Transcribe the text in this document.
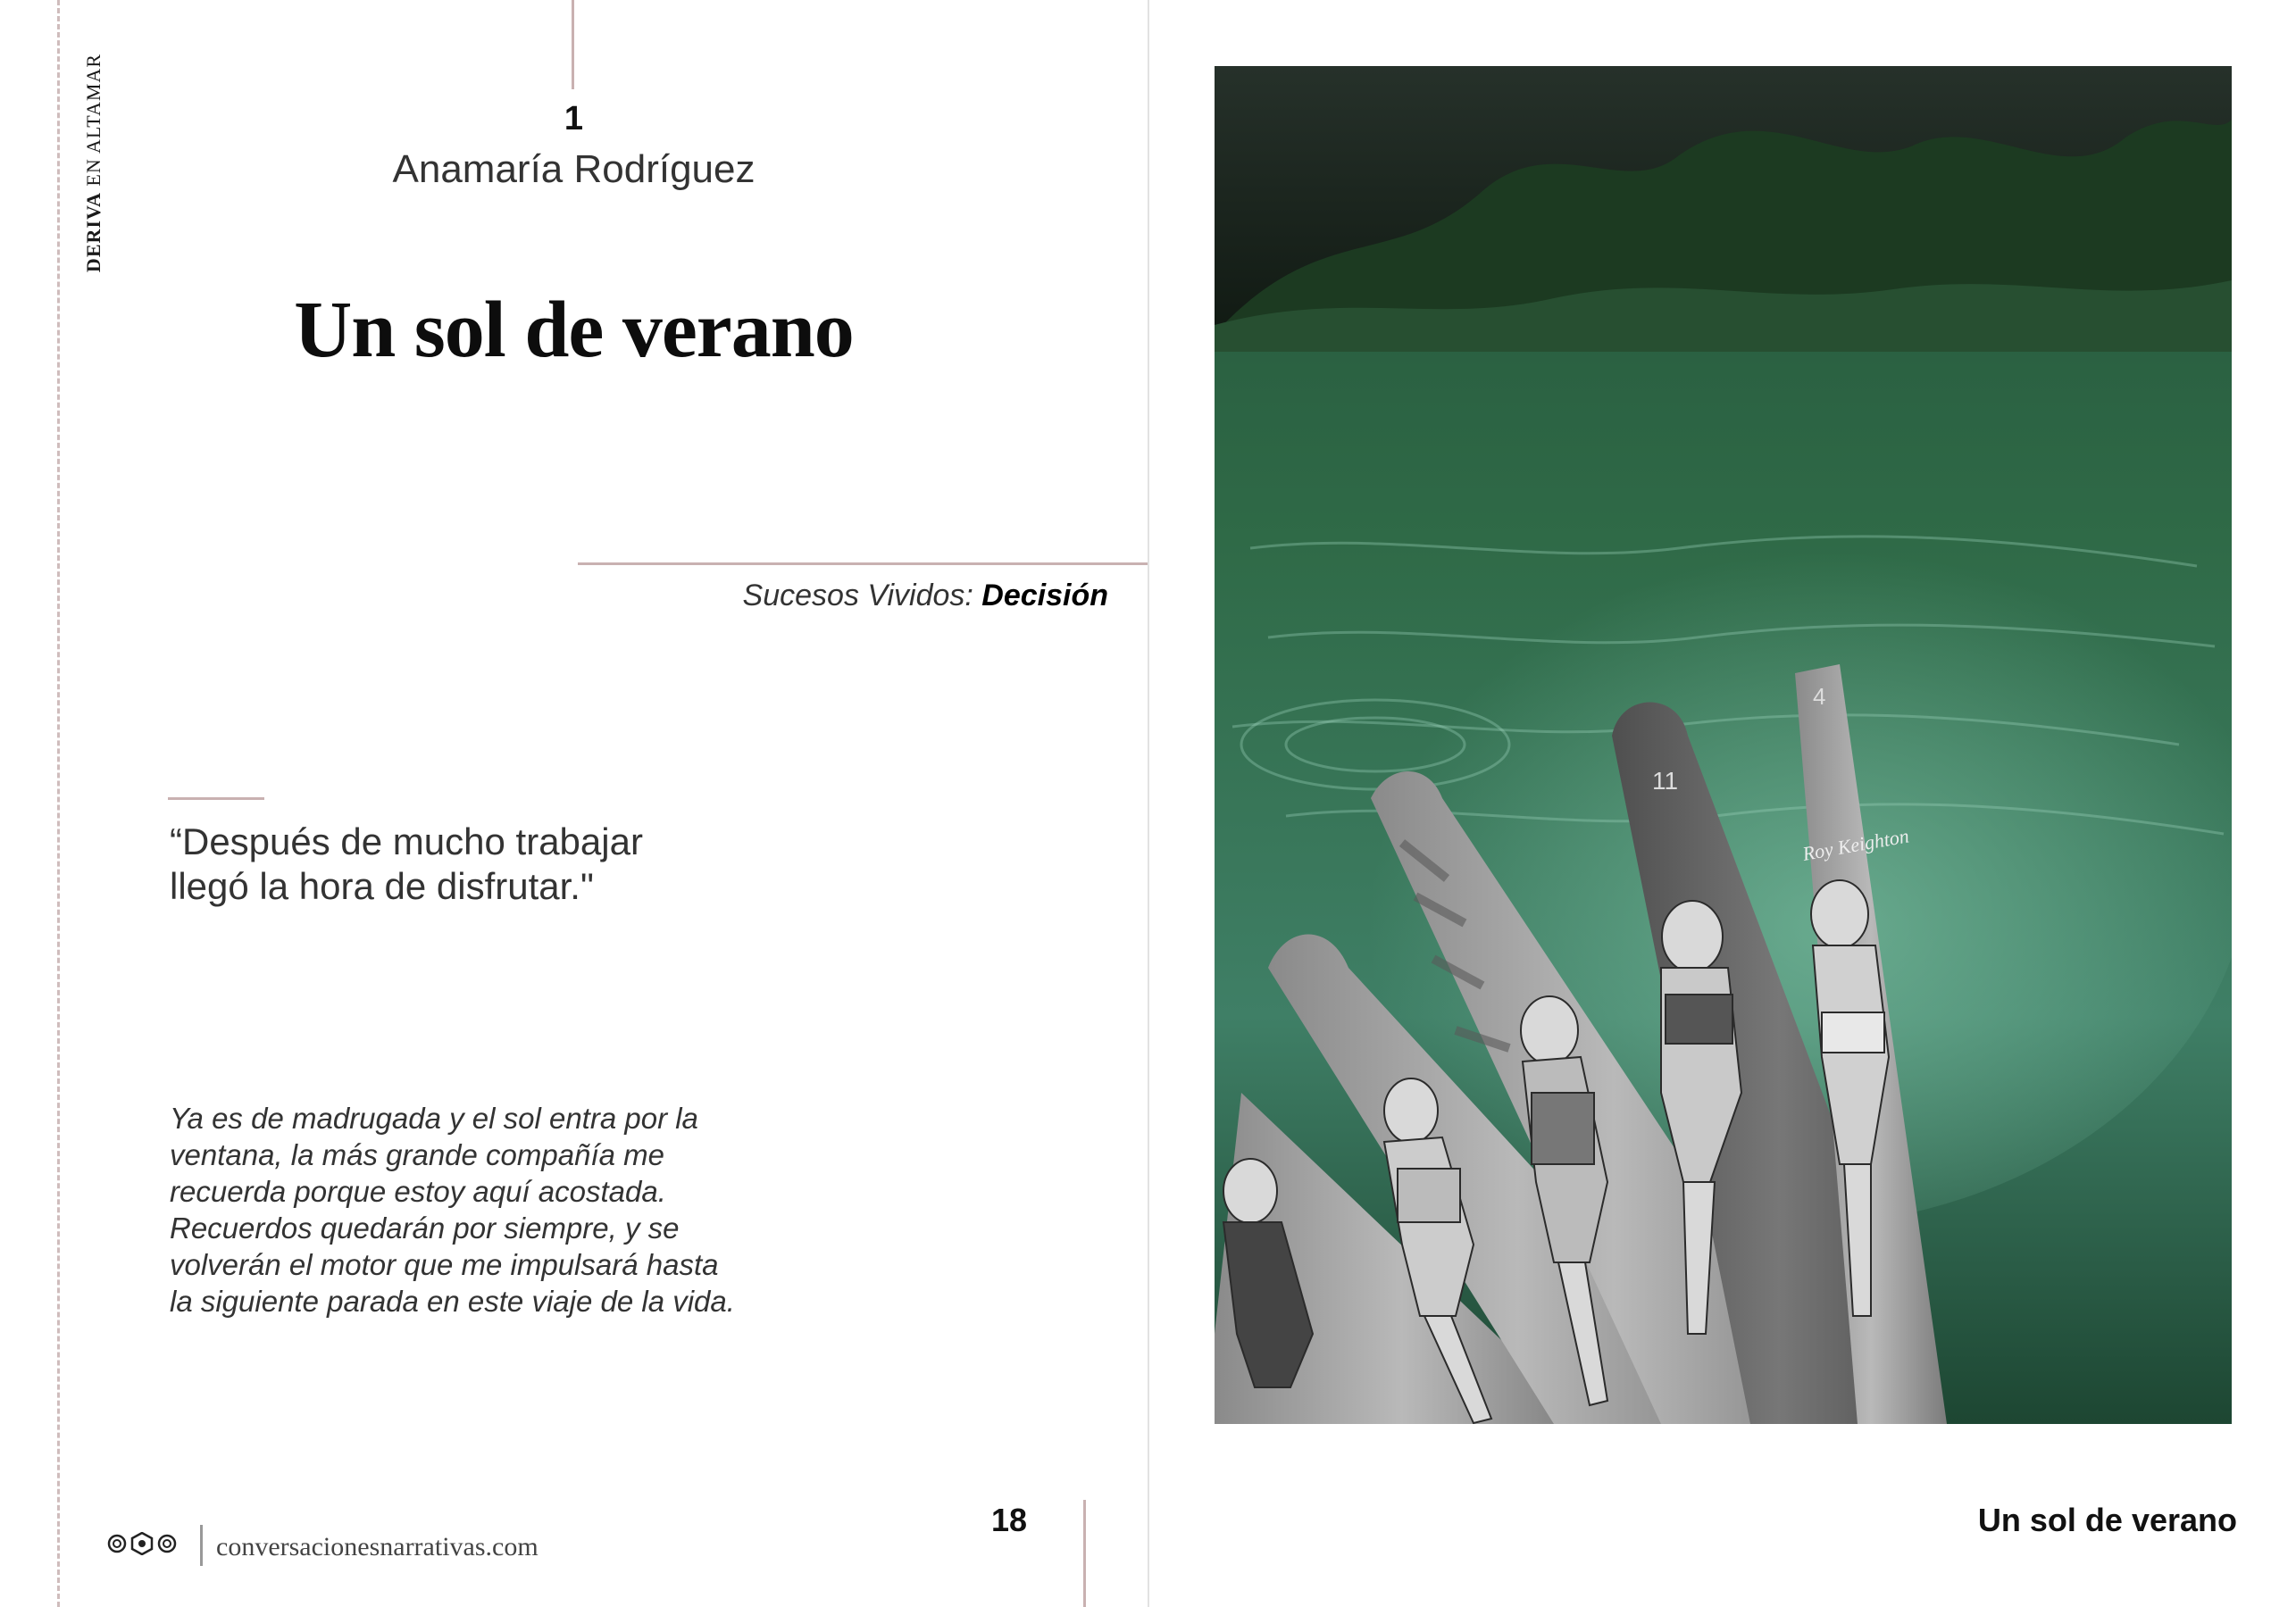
DERIVA EN ALTAMAR	1
Anamaría Rodríguez
Un sol de verano
Sucesos Vividos: Decisión
“Después de mucho trabajar
llegó la hora de disfrutar."
Ya es de madrugada y el sol entra por la
ventana, la más grande compañía me
recuerda porque estoy aquí acostada.
Recuerdos quedarán por siempre, y se
volverán el motor que me impulsará hasta
la siguiente parada en este viaje de la vida.
18
conversacionesnarrativas.com
Un sol de verano
11
4
Roy Keighton
